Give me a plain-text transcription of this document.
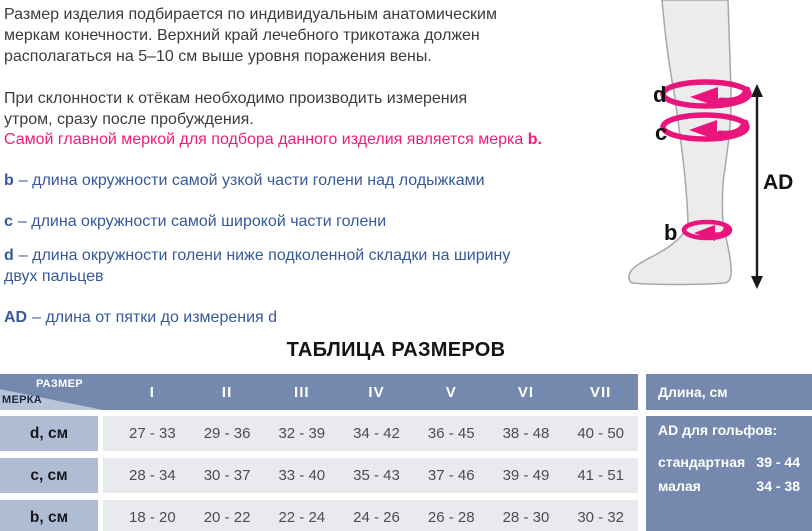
Размер изделия подбирается по индивидуальным анатомическим
меркам конечности. Верхний край лечебного трикотажа должен
располагаться на 5–10 см выше уровня поражения вены.

При склонности к отёкам необходимо производить измерения
утром, сразу после пробуждения.

Самой главной меркой для подбора данного изделия является мерка b.

b – длина окружности самой узкой части голени над лодыжками

c – длина окружности самой широкой части голени

d – длина окружности голени ниже подколенной складки на ширину
двух пальцев

AD – длина от пятки до измерения d

d
c
b
AD
ТАБЛИЦА РАЗМЕРОВ
РАЗМЕР
МЕРКА	I	II	III	IV	V	VI	VII
d, см	27 - 33	29 - 36	32 - 39	34 - 42	36 - 45	38 - 48	40 - 50
c, см	28 - 34	30 - 37	33 - 40	35 - 43	37 - 46	39 - 49	41 - 51
b, см	18 - 20	20 - 22	22 - 24	24 - 26	26 - 28	28 - 30	30 - 32
Длина, см
AD для гольфов:
стандартная 39 - 44
малая	34 - 38
